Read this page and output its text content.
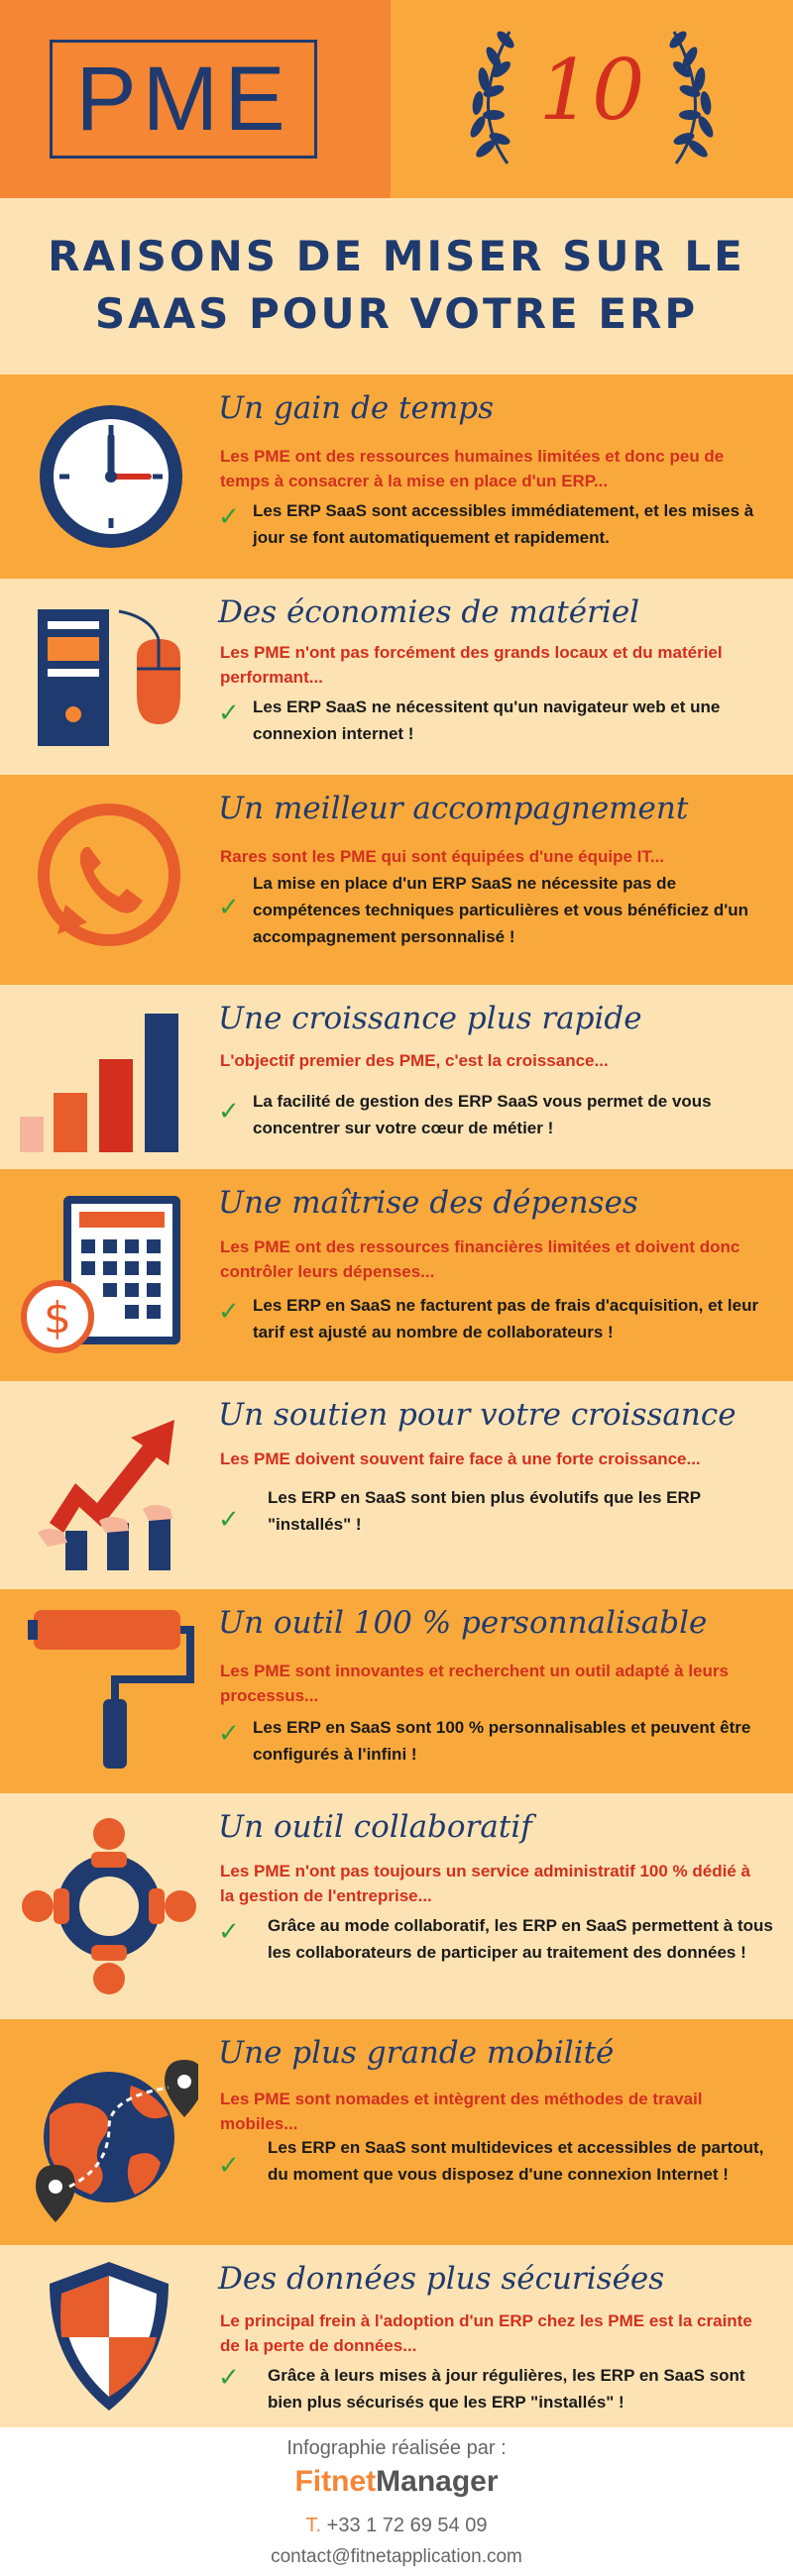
PME	10
RAISONS DE MISER SUR LE
SAAS POUR VOTRE ERP
Un gain de temps
Les PME ont des ressources humaines limitées et donc peu de temps à consacrer à la mise en place d'un ERP...
✓ Les ERP SaaS sont accessibles immédiatement, et les mises à jour se font automatiquement et rapidement.
Des économies de matériel
Les PME n'ont pas forcément des grands locaux et du matériel performant...
✓ Les ERP SaaS ne nécessitent qu'un navigateur web et une connexion internet !
Un meilleur accompagnement
Rares sont les PME qui sont équipées d'une équipe IT...
✓
La mise en place d'un ERP SaaS ne nécessite pas de compétences techniques particulières et vous bénéficiez d'un accompagnement personnalisé !
Une croissance plus rapide
L'objectif premier des PME, c'est la croissance...
✓ La facilité de gestion des ERP SaaS vous permet de vous concentrer sur votre cœur de métier !
$
Une maîtrise des dépenses
Les PME ont des ressources financières limitées et doivent donc contrôler leurs dépenses...
✓ Les ERP en SaaS ne facturent pas de frais d'acquisition, et leur tarif est ajusté au nombre de collaborateurs !
Un soutien pour votre croissance
Les PME doivent souvent faire face à une forte croissance...
✓
Les ERP en SaaS sont bien plus évolutifs que les ERP "installés" !
Un outil 100 % personnalisable
Les PME sont innovantes et recherchent un outil adapté à leurs processus...
✓ Les ERP en SaaS sont 100 % personnalisables et peuvent être configurés à l'infini !
Un outil collaboratif
Les PME n'ont pas toujours un service administratif 100 % dédié à la gestion de l'entreprise...
✓ Grâce au mode collaboratif, les ERP en SaaS permettent à tous les collaborateurs de participer au traitement des données !
Une plus grande mobilité
Les PME sont nomades et intègrent des méthodes de travail mobiles...
✓
Les ERP en SaaS sont multidevices et accessibles de partout, du moment que vous disposez d'une connexion Internet !
Des données plus sécurisées
Le principal frein à l'adoption d'un ERP chez les PME est la crainte de la perte de données...
✓ Grâce à leurs mises à jour régulières, les ERP en SaaS sont bien plus sécurisés que les ERP "installés" !
Infographie réalisée par :
FitnetManager
T. +33 1 72 69 54 09
contact@fitnetapplication.com
